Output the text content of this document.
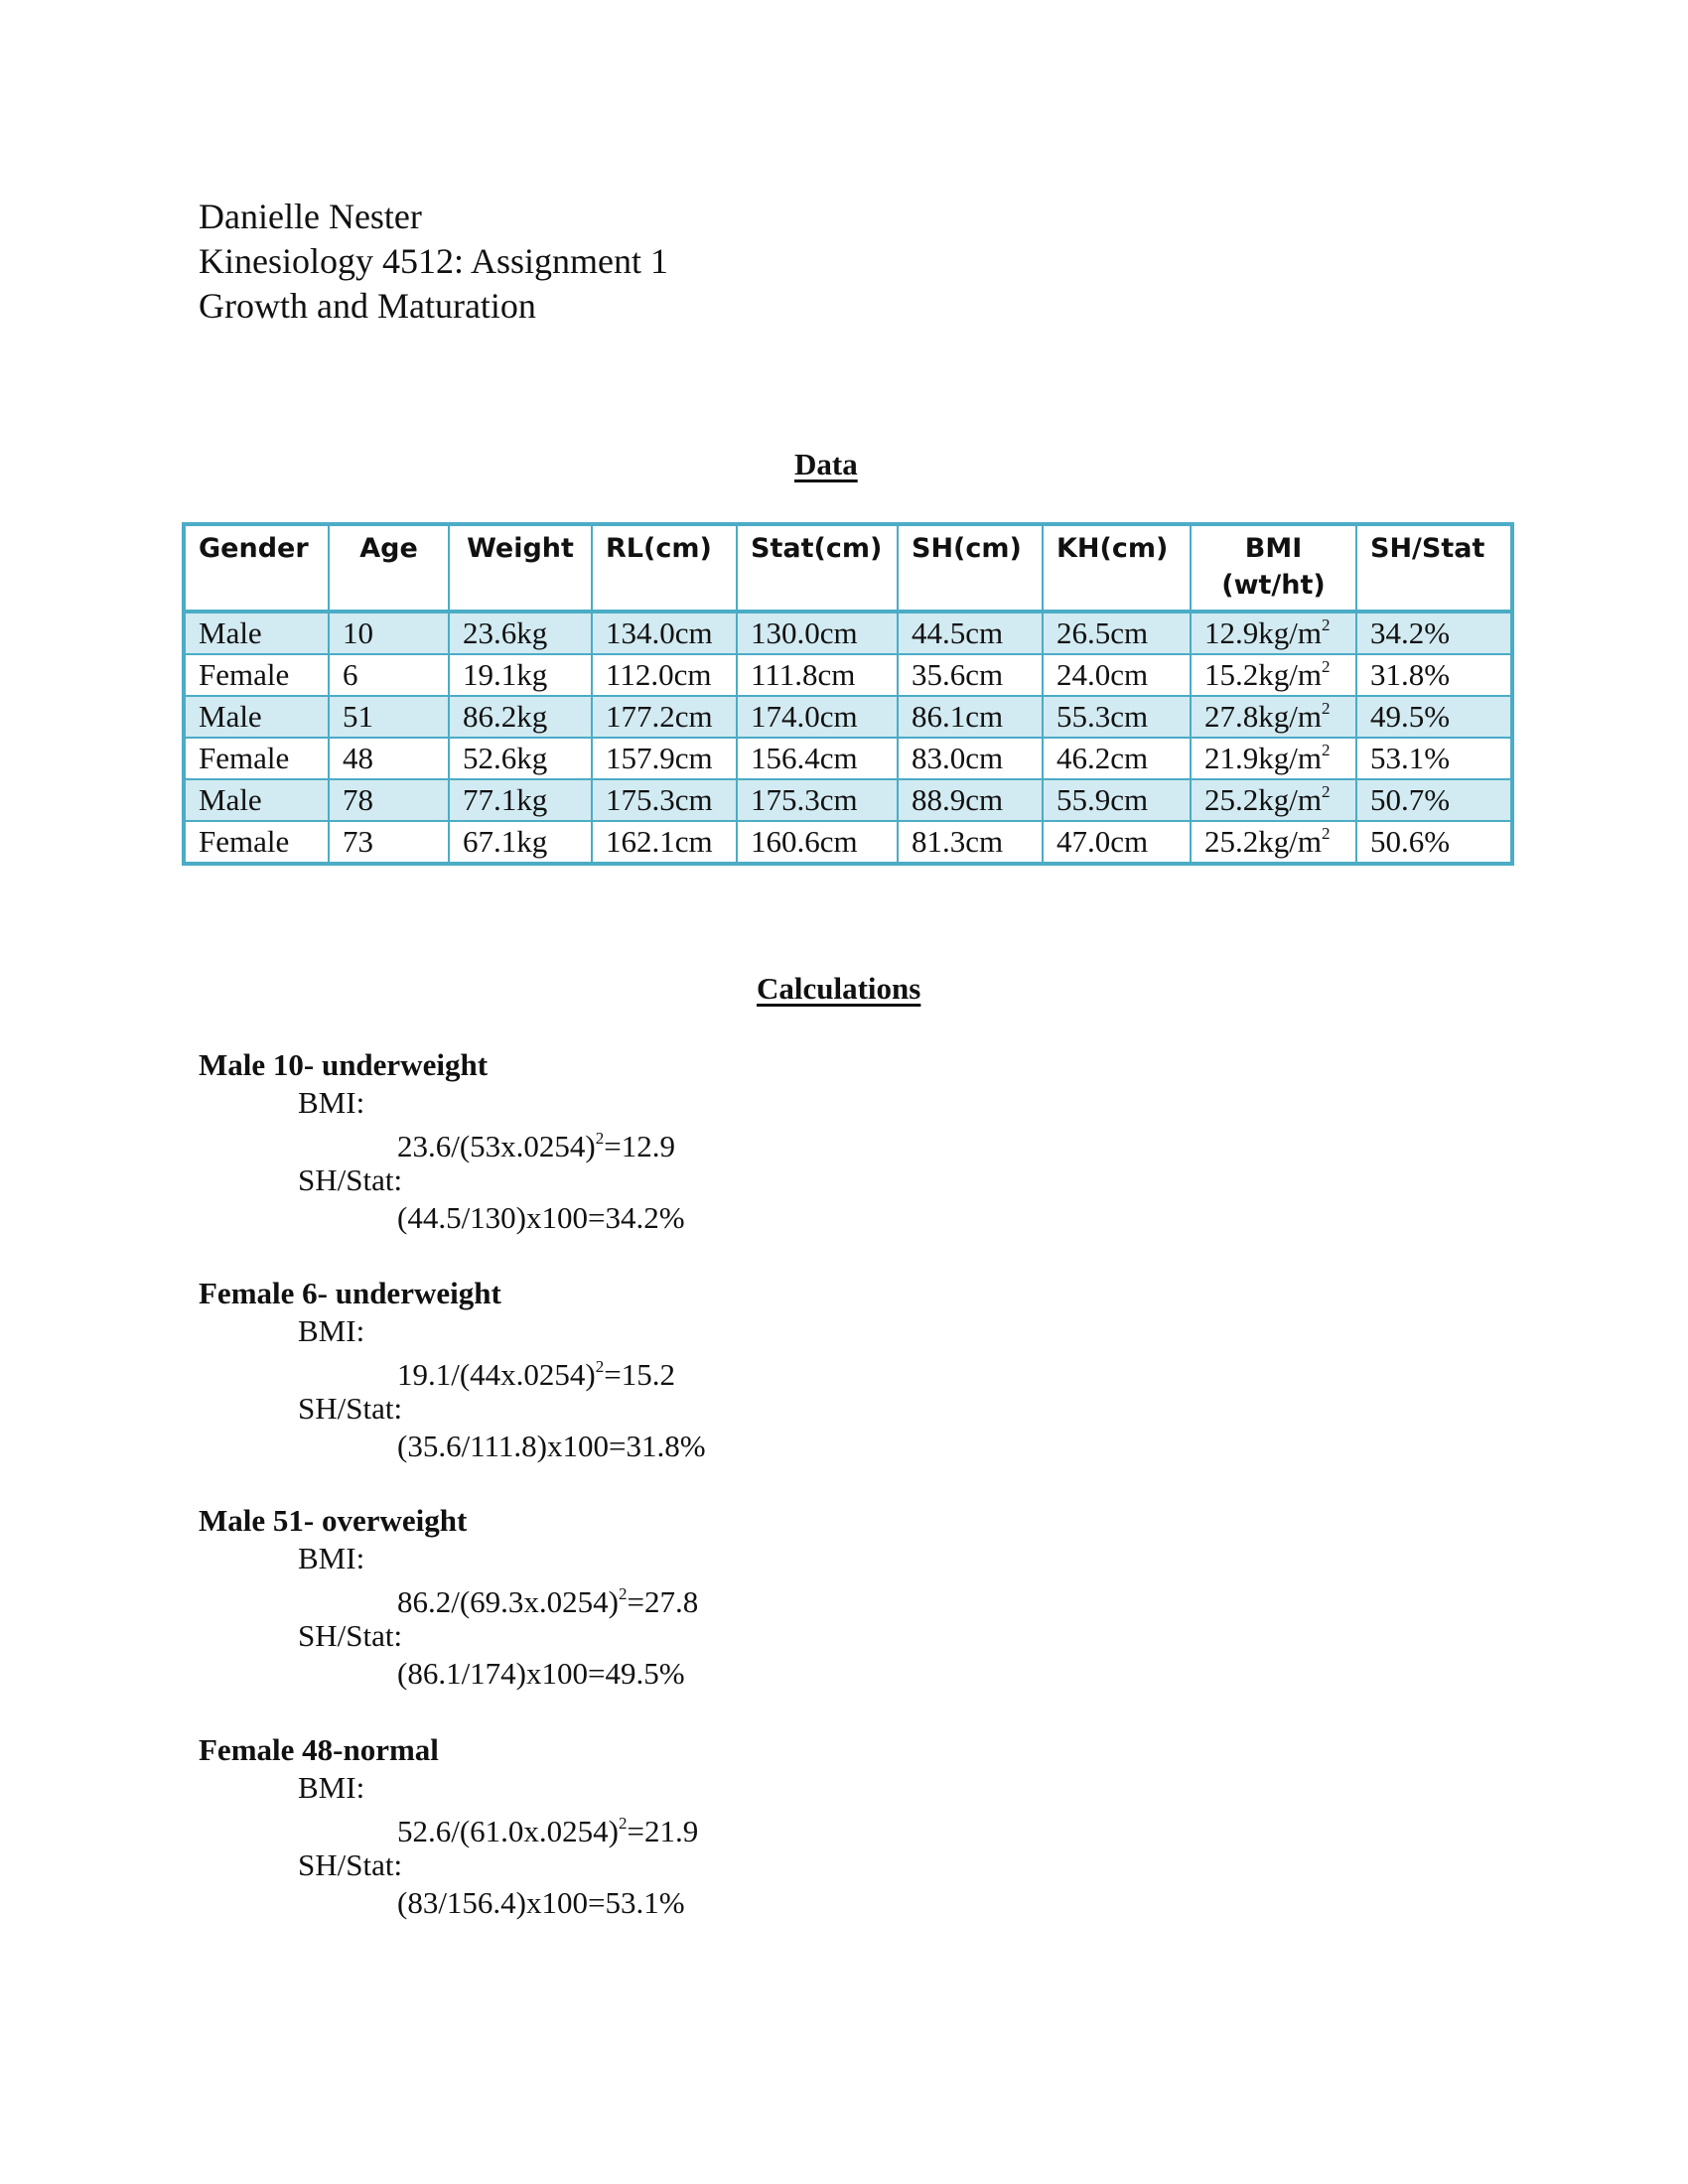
Danielle Nester
Kinesiology 4512: Assignment 1
Growth and Maturation
Data
Gender	Age	Weight	RL(cm)	Stat(cm)	SH(cm)	KH(cm)	BMI (wt/ht)	SH/Stat
Male	10	23.6kg	134.0cm	130.0cm	44.5cm	26.5cm	$12.9kg/m^2$	34.2%
Female	6	19.1kg	112.0cm	111.8cm	35.6cm	24.0cm	$15.2kg/m^2$	31.8%
Male	51	86.2kg	177.2cm	174.0cm	86.1cm	55.3cm	$27.8kg/m^2$	49.5%
Female	48	52.6kg	157.9cm	156.4cm	83.0cm	46.2cm	$21.9kg/m^2$	53.1%
Male	78	77.1kg	175.3cm	175.3cm	88.9cm	55.9cm	$25.2kg/m^2$	50.7%
Female	73	67.1kg	162.1cm	160.6cm	81.3cm	47.0cm	$25.2kg/m^2$	50.6%
Calculations
Male 10- underweight
BMI:
$23.6/(53x.0254)^2=12.9$
SH/Stat:
(44.5/130)x100=34.2%
Female 6- underweight
BMI:
$19.1/(44x.0254)^2=15.2$
SH/Stat:
(35.6/111.8)x100=31.8%
Male 51- overweight
BMI:
$86.2/(69.3x.0254)^2=27.8$
SH/Stat:
(86.1/174)x100=49.5%
Female 48-normal
BMI:
$52.6/(61.0x.0254)^2=21.9$
SH/Stat:
(83/156.4)x100=53.1%
